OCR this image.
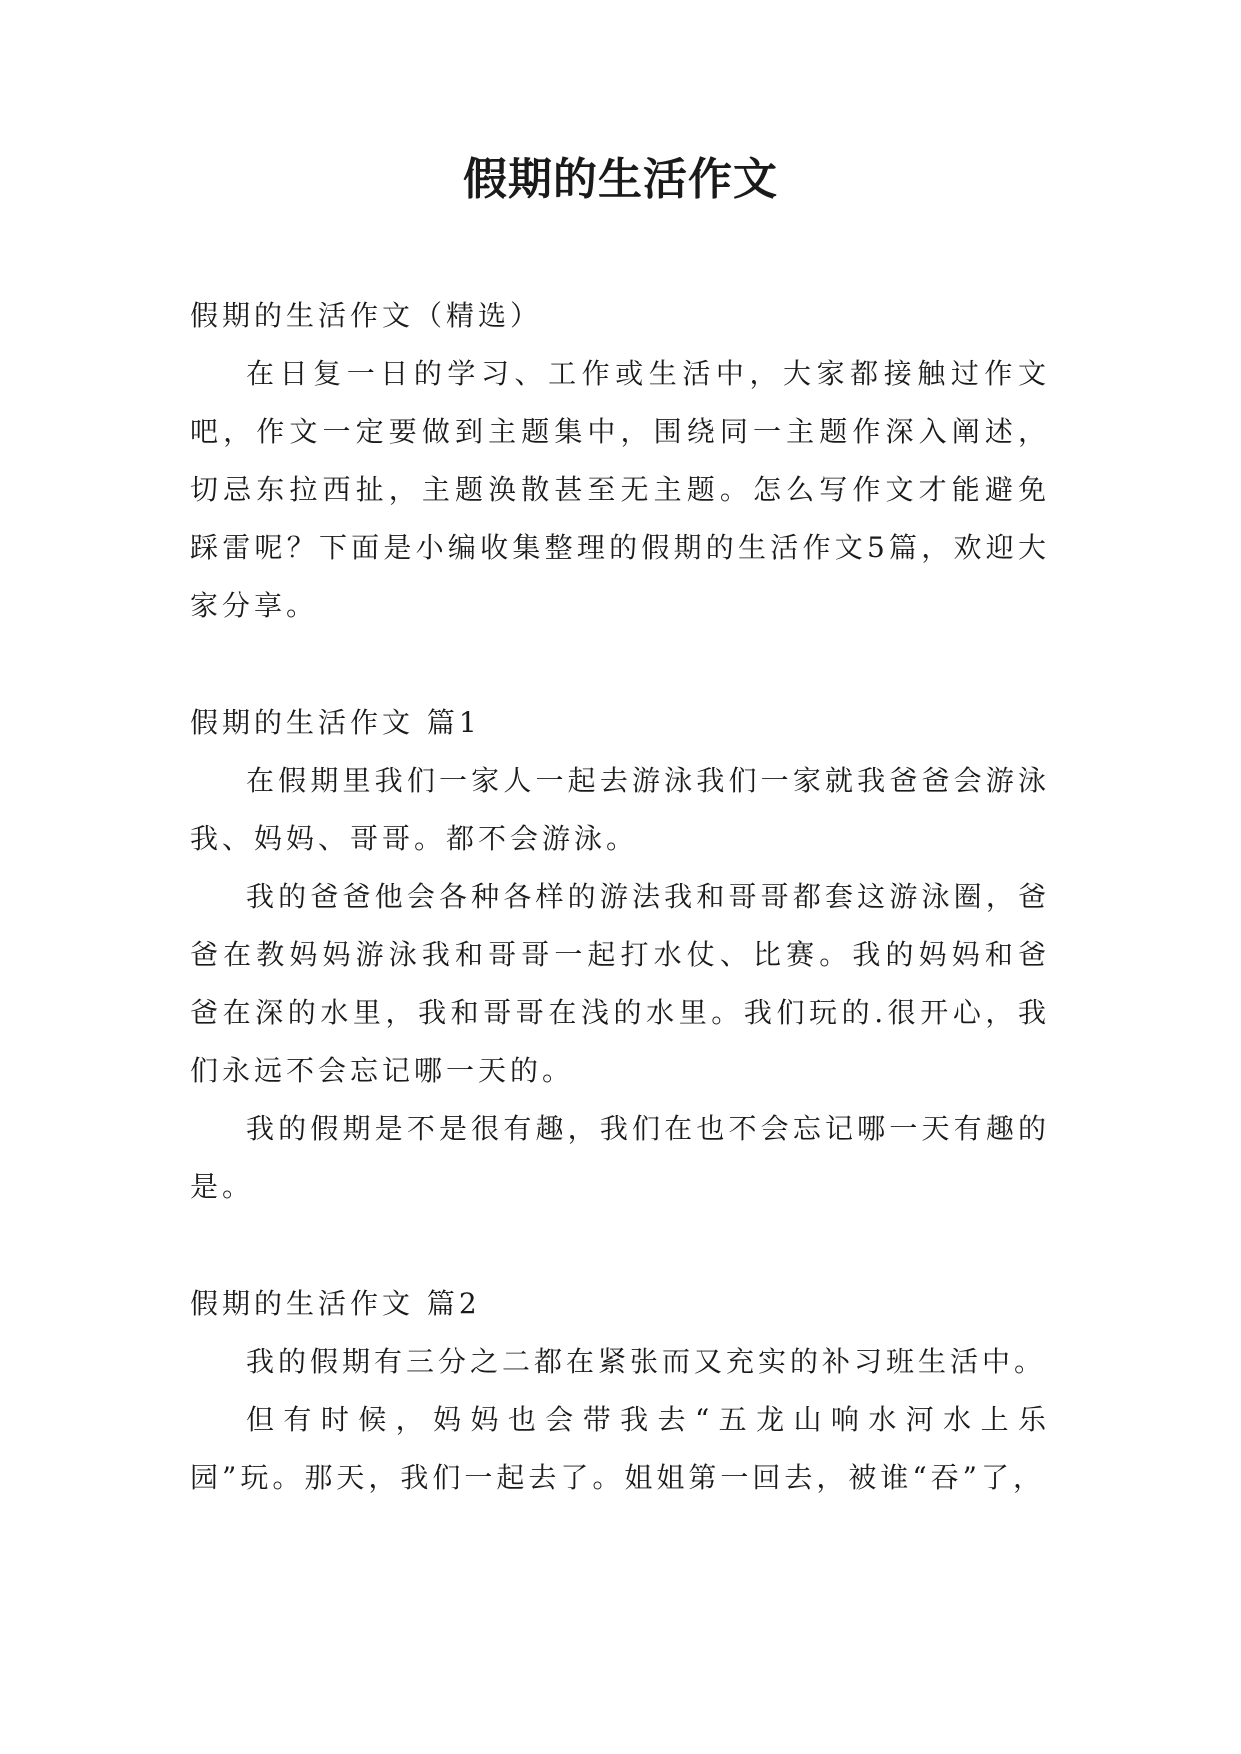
假期的生活作文

假期的生活作文（精选）

在日复一日的学习、工作或生活中，大家都接触过作文吧，作文一定要做到主题集中，围绕同一主题作深入阐述，切忌东拉西扯，主题涣散甚至无主题。怎么写作文才能避免踩雷呢？下面是小编收集整理的假期的生活作文5篇，欢迎大家分享。

假期的生活作文 篇1

在假期里我们一家人一起去游泳我们一家就我爸爸会游泳我、妈妈、哥哥。都不会游泳。

我的爸爸他会各种各样的游法我和哥哥都套这游泳圈，爸爸在教妈妈游泳我和哥哥一起打水仗、比赛。我的妈妈和爸爸在深的水里，我和哥哥在浅的水里。我们玩的.很开心，我们永远不会忘记哪一天的。

我的假期是不是很有趣，我们在也不会忘记哪一天有趣的是。

假期的生活作文 篇2

我的假期有三分之二都在紧张而又充实的补习班生活中。

但有时候，妈妈也会带我去“五龙山响水河水上乐园”玩。那天，我们一起去了。姐姐第一回去，被谁“吞”了，
